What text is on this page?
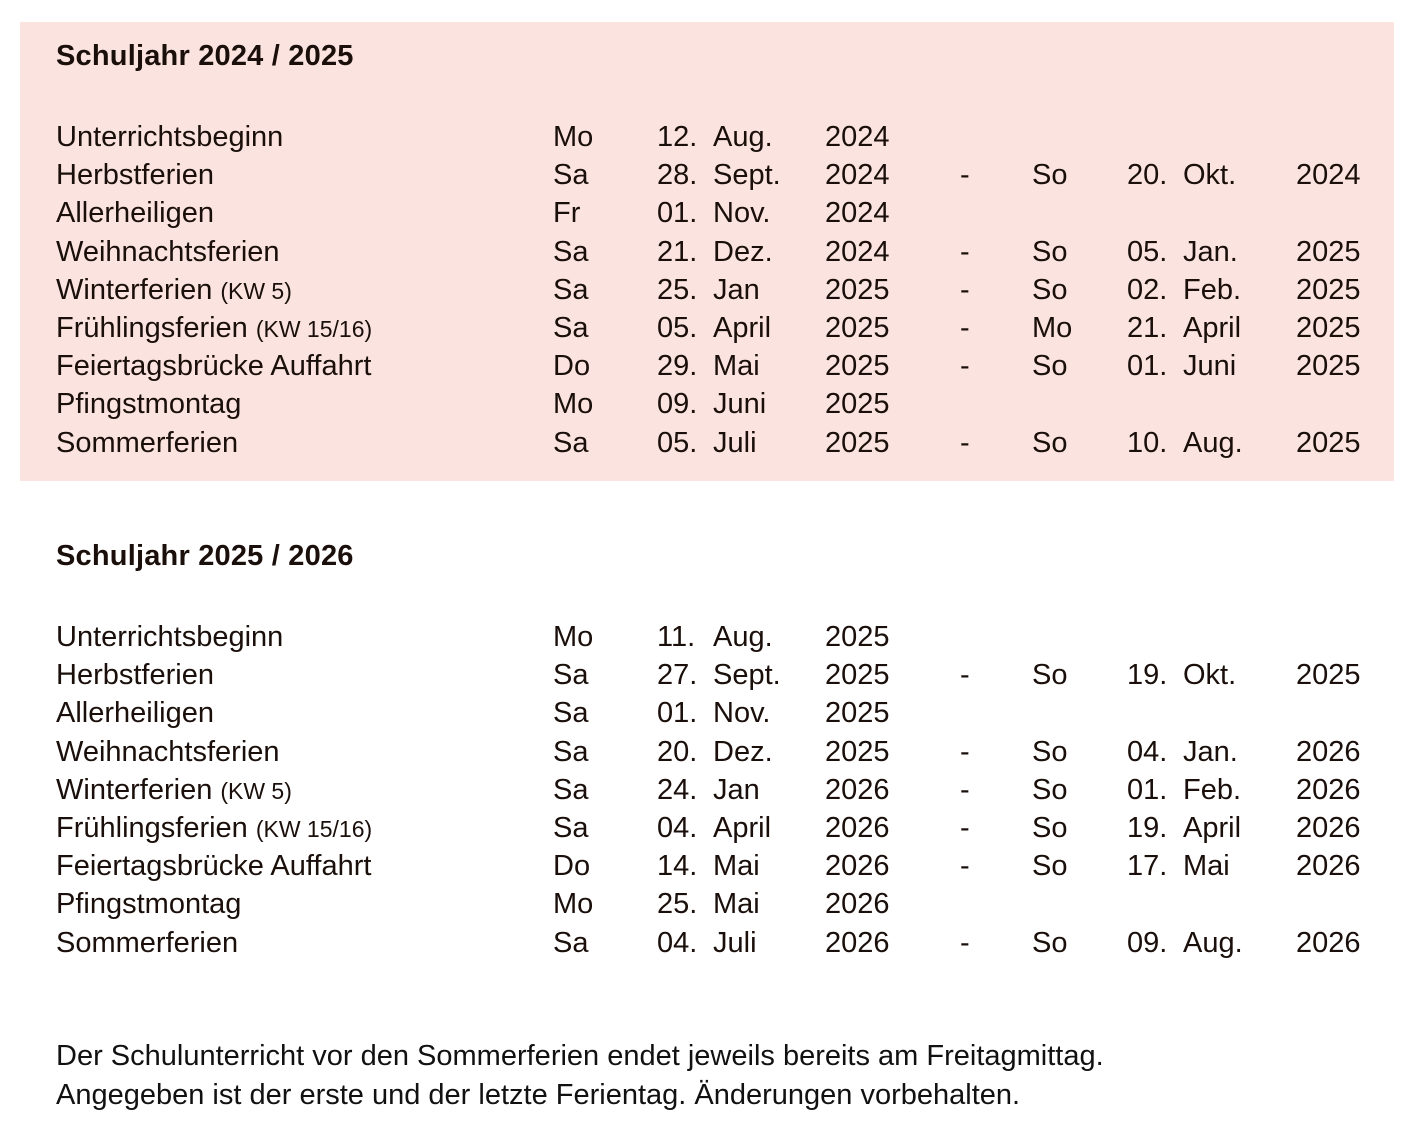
Schuljahr 2024 / 2025
Unterrichtsbeginn	Mo 12. Aug. 2024
Herbstferien	Sa 28. Sept. 2024 - So 20. Okt. 2024
Allerheiligen	Fr	01. Nov. 2024
Weihnachtsferien	Sa 21. Dez. 2024 - So 05. Jan. 2025
Winterferien (KW 5)	Sa 25. Jan 2025 - So 02. Feb. 2025
Frühlingsferien (KW 15/16)	Sa 05. April 2025 - Mo 21. April 2025
Feiertagsbrücke Auffahrt	Do 29. Mai 2025 - So 01. Juni 2025
Pfingstmontag	Mo 09. Juni 2025
Sommerferien	Sa 05. Juli 2025 - So 10. Aug. 2025
Schuljahr 2025 / 2026
Unterrichtsbeginn	Mo 11. Aug. 2025
Herbstferien	Sa 27. Sept. 2025 - So 19. Okt. 2025
Allerheiligen	Sa 01. Nov. 2025
Weihnachtsferien	Sa 20. Dez. 2025 - So 04. Jan. 2026
Winterferien (KW 5)	Sa 24. Jan 2026 - So 01. Feb. 2026
Frühlingsferien (KW 15/16)	Sa 04. April 2026 - So 19. April 2026
Feiertagsbrücke Auffahrt	Do 14. Mai 2026 - So 17. Mai 2026
Pfingstmontag	Mo 25. Mai 2026
Sommerferien	Sa 04. Juli 2026 - So 09. Aug. 2026
Der Schulunterricht vor den Sommerferien endet jeweils bereits am Freitagmittag.
Angegeben ist der erste und der letzte Ferientag. Änderungen vorbehalten.
